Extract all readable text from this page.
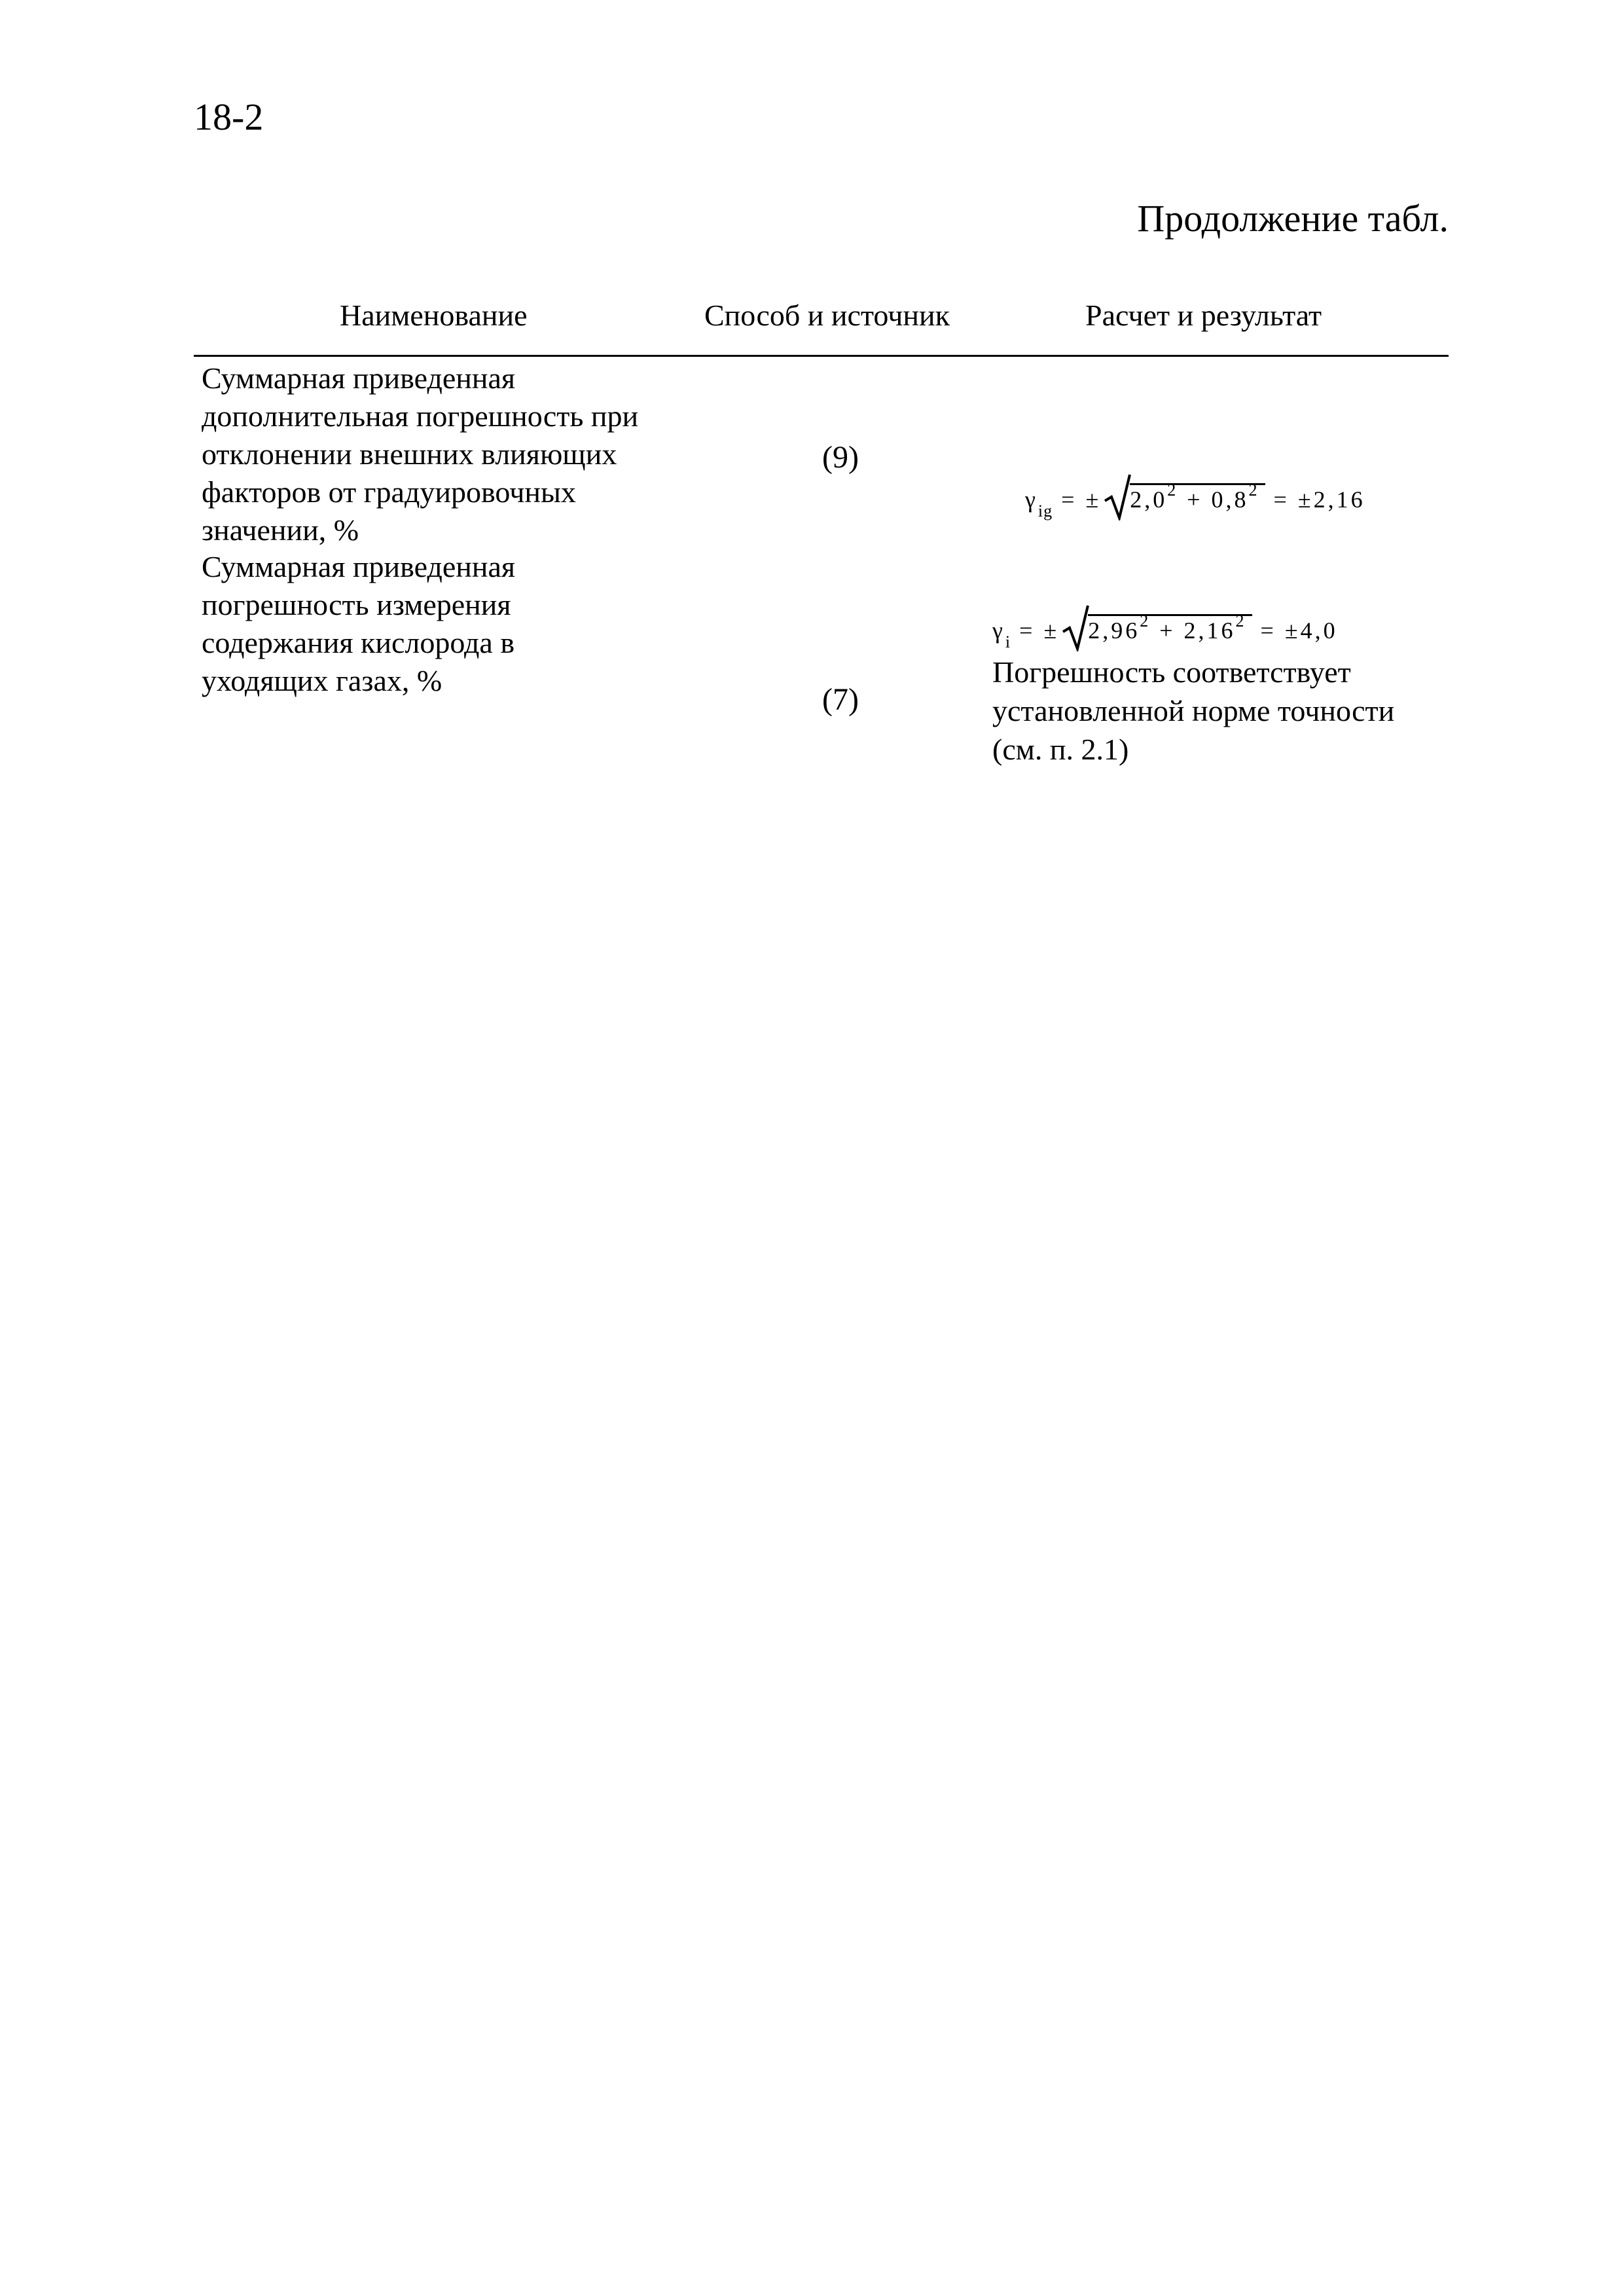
18-2
Продолжение табл.
Наименование	Способ и источник	Расчет и результат
Суммарная приведенная
дополнительная погрешность при
отклонении внешних влияющих
факторов от градуировочных
значении, %
(9)
$\gamma_{ig}$ = ± $2,0^2 + 0,8^2 = \pm 2,16$
Суммарная приведенная
погрешность измерения
содержания кислорода в
уходящих газах, %
(7)
$\gamma_i$ = ± $2,96^2 + 2,16^2 = \pm 4,0$
Погрешность соответствует
установленной норме точности
(см. п. 2.1)
